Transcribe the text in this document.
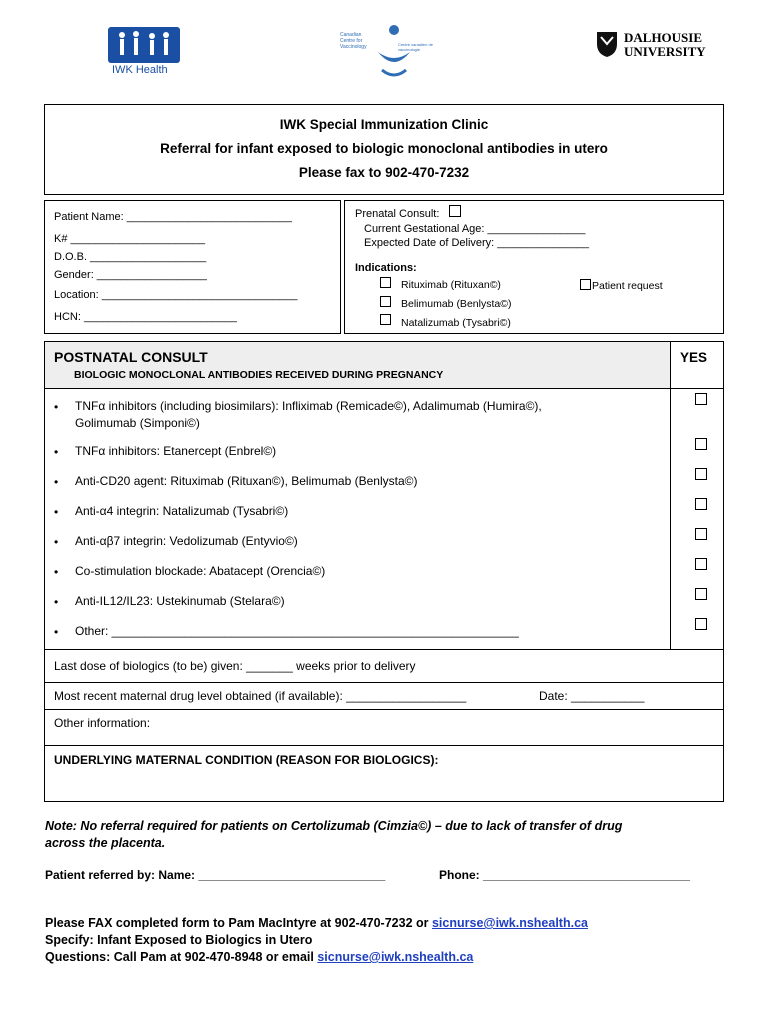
IWK Health
Canadian Centre for Vaccinology	Centre canadien de vaccinologie
DALHOUSIE
UNIVERSITY
IWK Special Immunization Clinic
Referral for infant exposed to biologic monoclonal antibodies in utero
Please fax to 902-470-7232
Patient Name: ___________________________
K# ______________________
D.O.B. ___________________
Gender: __________________
Location: ________________________________
HCN: _________________________
Prenatal Consult:
Current Gestational Age: ________________
Expected Date of Delivery: _______________
Indications:
Rituximab (Rituxan©)	Patient request
Belimumab (Benlysta©)
Natalizumab (Tysabri©)
POSTNATAL CONSULT
BIOLOGIC MONOCLONAL ANTIBODIES RECEIVED DURING PREGNANCY
YES
• TNFα inhibitors (including biosimilars): Infliximab (Remicade©), Adalimumab (Humira©),
Golimumab (Simponi©)
• TNFα inhibitors: Etanercept (Enbrel©)
• Anti-CD20 agent: Rituximab (Rituxan©), Belimumab (Benlysta©)
• Anti-α4 integrin: Natalizumab (Tysabri©)
• Anti-αβ7 integrin: Vedolizumab (Entyvio©)
• Co-stimulation blockade: Abatacept (Orencia©)
• Anti-IL12/IL23: Ustekinumab (Stelara©)
• Other: _____________________________________________________________
Last dose of biologics (to be) given: _______ weeks prior to delivery
Most recent maternal drug level obtained (if available): __________________	Date: ___________
Other information:
UNDERLYING MATERNAL CONDITION (REASON FOR BIOLOGICS):
Note: No referral required for patients on Certolizumab (Cimzia©) – due to lack of transfer of drug
across the placenta.
Patient referred by: Name: ____________________________	Phone: _______________________________
Please FAX completed form to Pam MacIntyre at 902-470-7232 or sicnurse@iwk.nshealth.ca
Specify: Infant Exposed to Biologics in Utero
Questions: Call Pam at 902-470-8948 or email sicnurse@iwk.nshealth.ca
